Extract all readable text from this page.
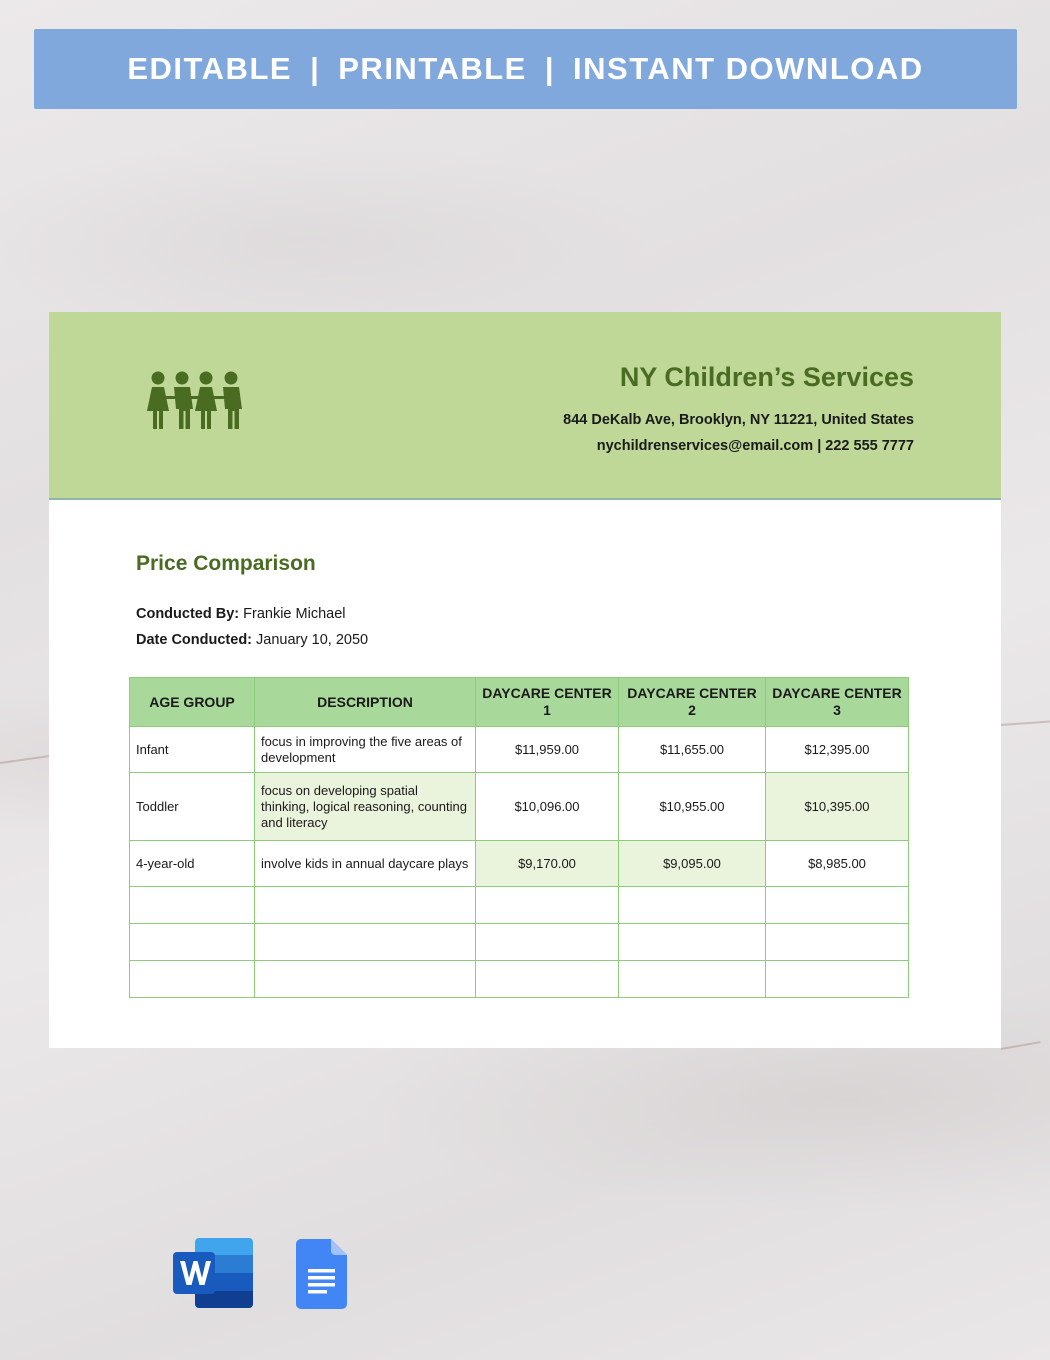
EDITABLE | PRINTABLE | INSTANT DOWNLOAD
NY Children’s Services
844 DeKalb Ave, Brooklyn, NY 11221, United States
nychildrenservices@email.com | 222 555 7777
Price Comparison
Conducted By: Frankie Michael
Date Conducted: January 10, 2050
AGE GROUP	DESCRIPTION	DAYCARE CENTER 1	DAYCARE CENTER 2	DAYCARE CENTER 3
Infant	focus in improving the five areas of development	$11,959.00	$11,655.00	$12,395.00
Toddler	focus on developing spatial thinking, logical reasoning, counting and literacy	$10,096.00	$10,955.00	$10,395.00
4-year-old	involve kids in annual daycare plays	$9,170.00	$9,095.00	$8,985.00
